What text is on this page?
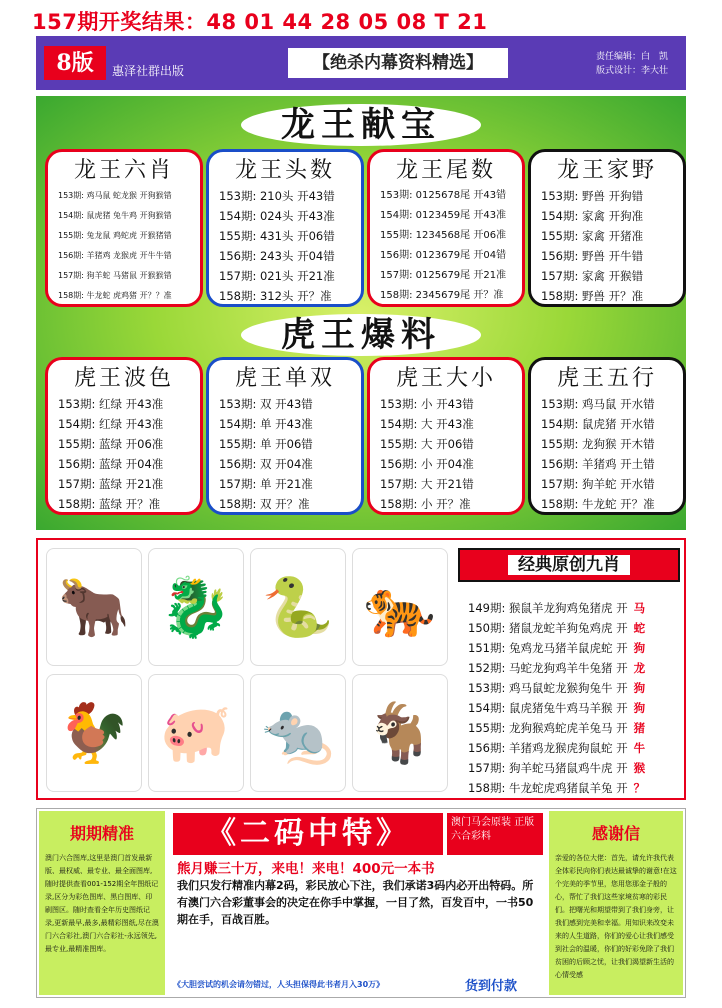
157期开奖结果：48 01 44 28 05 08 T 21
8版	惠泽社群出版	【绝杀内幕资料精选】	责任编辑：白　凯
版式设计：李大壮
龙王献宝
虎王爆料
龙王六肖
153期: 鸡马鼠 蛇龙猴 开狗猴错
154期: 鼠虎猪 兔牛鸡 开狗猴错
155期: 兔龙鼠 鸡蛇虎 开猴猪错
156期: 羊猪鸡 龙猴虎 开牛牛错
157期: 狗羊蛇 马猪鼠 开猴猴错
158期: 牛龙蛇 虎鸡猪 开？？准
龙王头数
153期: 210头 开43错
154期: 024头 开43准
155期: 431头 开06错
156期: 243头 开04错
157期: 021头 开21准
158期: 312头 开？准
龙王尾数
153期: 0125678尾 开43错
154期: 0123459尾 开43准
155期: 1234568尾 开06准
156期: 0123679尾 开04错
157期: 0125679尾 开21准
158期: 2345679尾 开？准
龙王家野
153期: 野兽 开狗错
154期: 家禽 开狗准
155期: 家禽 开猪准
156期: 野兽 开牛错
157期: 家禽 开猴错
158期: 野兽 开？准
虎王波色
153期: 红绿 开43准
154期: 红绿 开43准
155期: 蓝绿 开06准
156期: 蓝绿 开04准
157期: 蓝绿 开21准
158期: 蓝绿 开？准
虎王单双
153期: 双 开43错
154期: 单 开43准
155期: 单 开06错
156期: 双 开04准
157期: 单 开21准
158期: 双 开？准
虎王大小
153期: 小 开43错
154期: 大 开43准
155期: 大 开06错
156期: 小 开04准
157期: 大 开21错
158期: 小 开？准
虎王五行
153期: 鸡马鼠 开水错
154期: 鼠虎猪 开水错
155期: 龙狗猴 开木错
156期: 羊猪鸡 开土错
157期: 狗羊蛇 开水错
158期: 牛龙蛇 开？准
🐂 🐉 🐍 🐅
🐓 🐖 🐀 🐐
经典原创九肖
149期: 猴鼠羊龙狗鸡兔猪虎 开 马
150期: 猪鼠龙蛇羊狗兔鸡虎 开 蛇
151期: 兔鸡龙马猪羊鼠虎蛇 开 狗
152期: 马蛇龙狗鸡羊牛兔猪 开 龙
153期: 鸡马鼠蛇龙猴狗兔牛 开 狗
154期: 鼠虎猪兔牛鸡马羊猴 开 狗
155期: 龙狗猴鸡蛇虎羊兔马 开 猪
156期: 羊猪鸡龙猴虎狗鼠蛇 开 牛
157期: 狗羊蛇马猪鼠鸡牛虎 开 猴
158期: 牛龙蛇虎鸡猪鼠羊兔 开 ？
期期精准
澳门六合图库,这里是澳门首发最新版、最权威、最专业、最全面图库,随时提供查看001-152期全年图纸记录,区分为彩色图库、黑白图库、印刷图区。随时查看全年历史图纸记录,更新最早,最多,最精彩图纸,尽在澳门六合彩社,澳门六合彩社-永远领先,最专业,最精准图库。
《二码中特》	澳门马会原装 正版六合彩料
熊月赚三十万，来电！来电！400元一本书
我们只发行精准内幕2码，彩民放心下注，我们承诺3码内必开出特码。所有澳门六合彩董事会的决定在你手中掌握，一目了然，百发百中，一书50期在手，百战百胜。
《大胆尝试的机会请勿错过，人头担保得此书者月入30万》	货到付款
感谢信
亲爱的各位大佬：首先，请允许我代表全体彩民向你们表达最诚挚的谢意!在这个完美的季节里，您用您那金子般的心，帮忙了我们这些家境贫寒的彩民们。把曙光和期望带到了我们身旁，让我们感到完美和幸福。用知识来改变未来的人生道路，你们的爱心让我们感受到社会的温暖，你们的好彩免除了我们贫困的后顾之忧，让我们渴望新生活的心情受感
